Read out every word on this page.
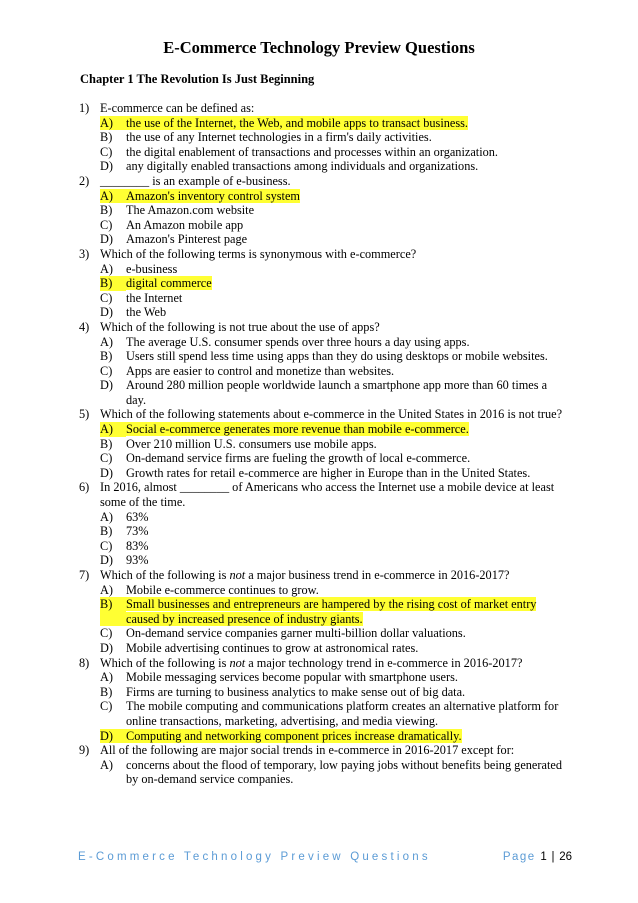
E-Commerce Technology Preview Questions
Chapter 1 The Revolution Is Just Beginning
1) E-commerce can be defined as:
A)	the use of the Internet, the Web, and mobile apps to transact business.
B)	the use of any Internet technologies in a firm's daily activities.
C)	the digital enablement of transactions and processes within an organization.
D)	any digitally enabled transactions among individuals and organizations.
2) ________ is an example of e-business.
A)	Amazon's inventory control system
B)	The Amazon.com website
C)	An Amazon mobile app
D)	Amazon's Pinterest page
3) Which of the following terms is synonymous with e-commerce?
A)	e-business
B)	digital commerce
C)	the Internet
D)	the Web
4) Which of the following is not true about the use of apps?
A)	The average U.S. consumer spends over three hours a day using apps.
B)	Users still spend less time using apps than they do using desktops or mobile websites.
C)	Apps are easier to control and monetize than websites.
D)	Around 280 million people worldwide launch a smartphone app more than 60 times a day.
5) Which of the following statements about e-commerce in the United States in 2016 is not true?
A)	Social e-commerce generates more revenue than mobile e-commerce.
B)	Over 210 million U.S. consumers use mobile apps.
C)	On-demand service firms are fueling the growth of local e-commerce.
D)	Growth rates for retail e-commerce are higher in Europe than in the United States.
6) In 2016, almost ________ of Americans who access the Internet use a mobile device at least some of the time.
A)	63%
B)	73%
C)	83%
D)	93%
7) Which of the following is not a major business trend in e-commerce in 2016-2017?
A)	Mobile e-commerce continues to grow.
B)	Small businesses and entrepreneurs are hampered by the rising cost of market entry caused by increased presence of industry giants.
C)	On-demand service companies garner multi-billion dollar valuations.
D)	Mobile advertising continues to grow at astronomical rates.
8) Which of the following is not a major technology trend in e-commerce in 2016-2017?
A)	Mobile messaging services become popular with smartphone users.
B)	Firms are turning to business analytics to make sense out of big data.
C)	The mobile computing and communications platform creates an alternative platform for online transactions, marketing, advertising, and media viewing.
D)	Computing and networking component prices increase dramatically.
9) All of the following are major social trends in e-commerce in 2016-2017 except for:
A)	concerns about the flood of temporary, low paying jobs without benefits being generated by on-demand service companies.
E-Commerce Technology Preview Questions	Page 1 | 26
